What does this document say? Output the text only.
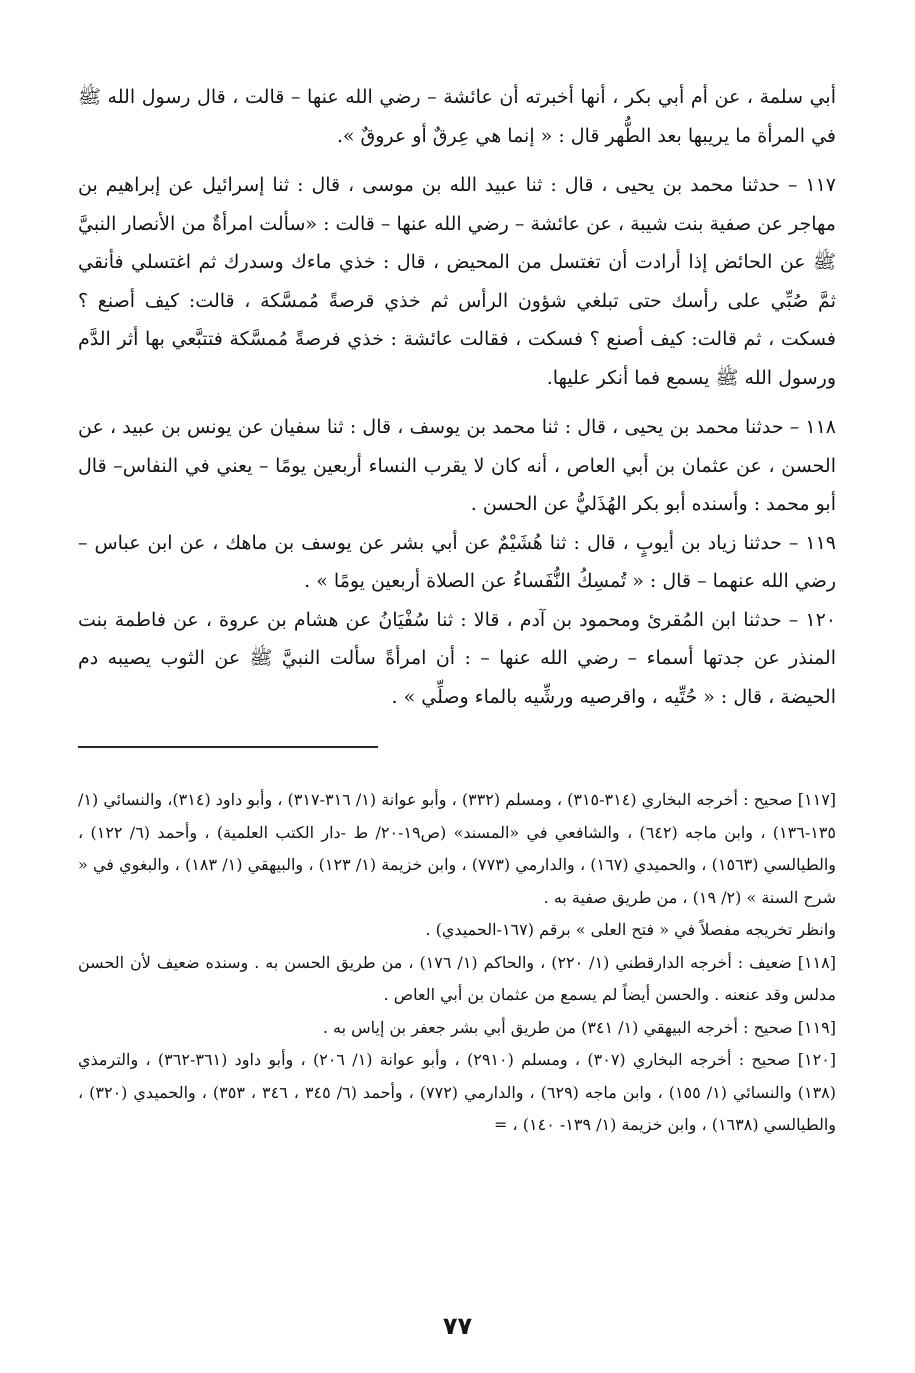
أبي سلمة ، عن أم أبي بكر ، أنها أخبرته أن عائشة – رضي الله عنها – قالت ، قال رسول الله ﷺ في المرأة ما يريبها بعد الطُّهر قال : « إنما هي عِرقٌ أو عروقٌ ».

١١٧ – حدثنا محمد بن يحيى ، قال : ثنا عبيد الله بن موسى ، قال : ثنا إسرائيل عن إبراهيم بن مهاجر عن صفية بنت شيبة ، عن عائشة – رضي الله عنها – قالت : «سألت امرأةٌ من الأنصار النبيَّ ﷺ عن الحائض إذا أرادت أن تغتسل من المحيض ، قال : خذي ماءك وسدرك ثم اغتسلي فأنقي ثمَّ صُبِّي على رأسك حتى تبلغي شؤون الرأس ثم خذي قرصةً مُمسَّكة ، قالت: كيف أصنع ؟ فسكت ، ثم قالت: كيف أصنع ؟ فسكت ، فقالت عائشة : خذي فرصةً مُمسَّكة فتتبَّعي بها أثر الدَّم ورسول الله ﷺ يسمع فما أنكر عليها.

١١٨ – حدثنا محمد بن يحيى ، قال : ثنا محمد بن يوسف ، قال : ثنا سفيان عن يونس بن عبيد ، عن الحسن ، عن عثمان بن أبي العاص ، أنه كان لا يقرب النساء أربعين يومًا – يعني في النفاس– قال أبو محمد : وأسنده أبو بكر الهُذَليُّ عن الحسن .

١١٩ – حدثنا زياد بن أيوبٍ ، قال : ثنا هُشَيْمٌ عن أبي بشر عن يوسف بن ماهك ، عن ابن عباس – رضي الله عنهما – قال : « تُمسِكُ النُّفَساءُ عن الصلاة أربعين يومًا » .

١٢٠ – حدثنا ابن المُقرئ ومحمود بن آدم ، قالا : ثنا سُفْيَانُ عن هشام بن عروة ، عن فاطمة بنت المنذر عن جدتها أسماء – رضي الله عنها – : أن امرأةً سألت النبيَّ ﷺ عن الثوب يصيبه دم الحيضة ، قال : « حُتِّيه ، واقرصيه ورشِّيه بالماء وصلِّي » .

[١١٧] صحيح : أخرجه البخاري (٣١٤-٣١٥) ، ومسلم (٣٣٢) ، وأبو عوانة (١/ ٣١٦-٣١٧) ، وأبو داود (٣١٤)، والنسائي (١/ ١٣٥-١٣٦) ، وابن ماجه (٦٤٢) ، والشافعي في «المسند» (ص١٩-٢٠/ ط -دار الكتب العلمية) ، وأحمد (٦/ ١٢٢) ، والطيالسي (١٥٦٣) ، والحميدي (١٦٧) ، والدارمي (٧٧٣) ، وابن خزيمة (١/ ١٢٣) ، والبيهقي (١/ ١٨٣) ، والبغوي في « شرح السنة » (٢/ ١٩) ، من طريق صفية به .

وانظر تخريجه مفصلاً في « فتح العلى » برقم (١٦٧-الحميدي) .

[١١٨] ضعيف : أخرجه الدارقطني (١/ ٢٢٠) ، والحاكم (١/ ١٧٦) ، من طريق الحسن به . وسنده ضعيف لأن الحسن مدلس وقد عنعنه . والحسن أيضاً لم يسمع من عثمان بن أبي العاص .

[١١٩] صحيح : أخرجه البيهقي (١/ ٣٤١) من طريق أبي بشر جعفر بن إياس به .

[١٢٠] صحيح : أخرجه البخاري (٣٠٧) ، ومسلم (٢٩١٠) ، وأبو عوانة (١/ ٢٠٦) ، وأبو داود (٣٦١-٣٦٢) ، والترمذي (١٣٨) والنسائي (١/ ١٥٥) ، وابن ماجه (٦٢٩) ، والدارمي (٧٧٢) ، وأحمد (٦/ ٣٤٥ ، ٣٤٦ ، ٣٥٣) ، والحميدي (٣٢٠) ، والطيالسي (١٦٣٨) ، وابن خزيمة (١/ ١٣٩- ١٤٠) ، =

٧٧
